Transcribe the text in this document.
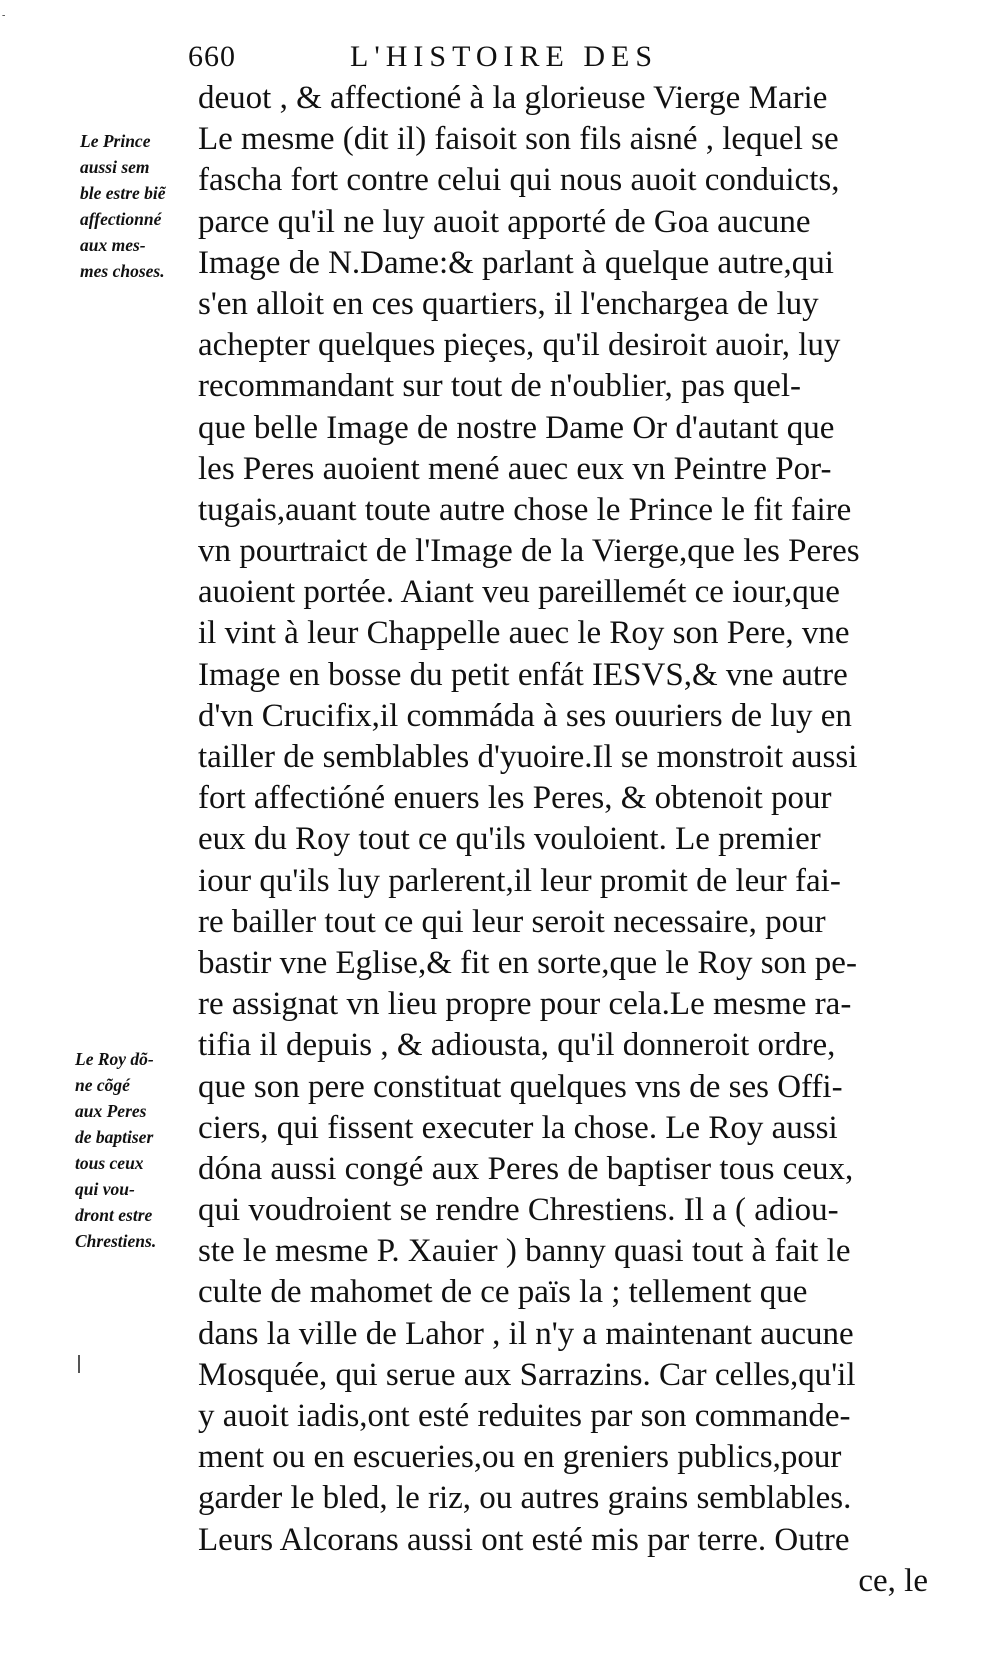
-
660	L'HISTOIRE DES
Le Prince
aussi sem
ble estre biẽ
affectionné
aux mes-
mes choses.
Le Roy dõ-
ne cõgé
aux Peres
de baptiser
tous ceux
qui vou-
dront estre
Chrestiens.
deuot , & affectioné à la glorieuse Vierge Marie
Le mesme (dit il) faisoit son fils aisné , lequel se
fascha fort contre celui qui nous auoit conduicts,
parce qu'il ne luy auoit apporté de Goa aucune
Image de N.Dame:& parlant à quelque autre,qui
s'en alloit en ces quartiers, il l'enchargea de luy
achepter quelques pieçes, qu'il desiroit auoir, luy
recommandant sur tout de n'oublier, pas quel-
que belle Image de nostre Dame Or d'autant que
les Peres auoient mené auec eux vn Peintre Por-
tugais,auant toute autre chose le Prince le fit faire
vn pourtraict de l'Image de la Vierge,que les Peres
auoient portée. Aiant veu pareillemét ce iour,que
il vint à leur Chappelle auec le Roy son Pere, vne
Image en bosse du petit enfát IESVS,& vne autre
d'vn Crucifix,il commáda à ses ouuriers de luy en
tailler de semblables d'yuoire.Il se monstroit aussi
fort affectióné enuers les Peres, & obtenoit pour
eux du Roy tout ce qu'ils vouloient. Le premier
iour qu'ils luy parlerent,il leur promit de leur fai-
re bailler tout ce qui leur seroit necessaire, pour
bastir vne Eglise,& fit en sorte,que le Roy son pe-
re assignat vn lieu propre pour cela.Le mesme ra-
tifia il depuis , & adiousta, qu'il donneroit ordre,
que son pere constituat quelques vns de ses Offi-
ciers, qui fissent executer la chose. Le Roy aussi
dóna aussi congé aux Peres de baptiser tous ceux,
qui voudroient se rendre Chrestiens. Il a ( adiou-
ste le mesme P. Xauier ) banny quasi tout à fait le
culte de mahomet de ce païs la ; tellement que
dans la ville de Lahor , il n'y a maintenant aucune
Mosquée, qui serue aux Sarrazins. Car celles,qu'il
y auoit iadis,ont esté reduites par son commande-
ment ou en escueries,ou en greniers publics,pour
garder le bled, le riz, ou autres grains semblables.
Leurs Alcorans aussi ont esté mis par terre. Outre
ce, le
